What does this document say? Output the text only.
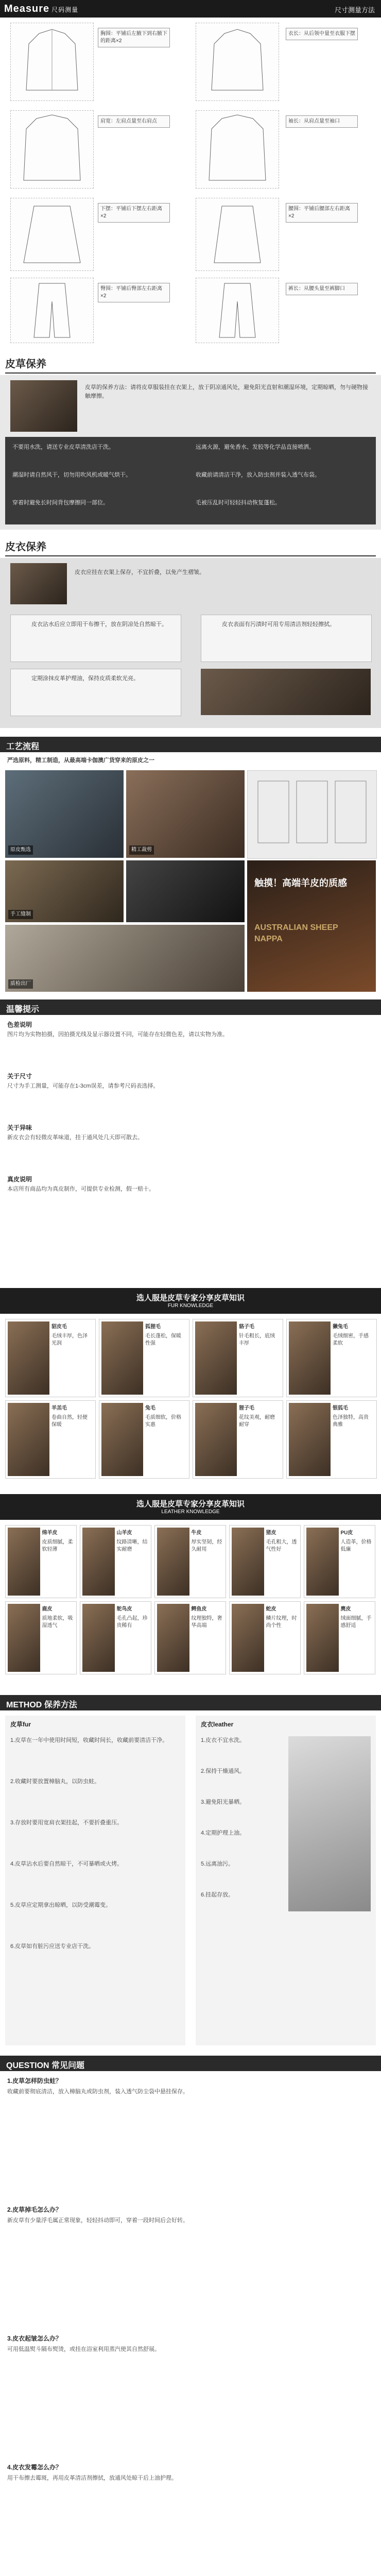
Measure 尺码测量	尺寸测量方法
胸围：平铺后左腋下到右腋下的距离×2
衣长：从后领中量至衣服下摆
肩宽：左肩点量至右肩点	袖长：从肩点量至袖口
下摆：平铺后下摆左右距离×2
腰围：平铺后腰部左右距离×2
臀围：平铺后臀部左右距离×2
裤长：从腰头量至裤脚口
皮草保养
皮草的保养方法：请将皮草服装挂在衣架上，放于阴凉通风处，避免阳光直射和潮湿环境，定期晾晒，勿与硬物接触摩擦。
不要用水洗，请送专业皮草清洗店干洗。	远离火源，避免香水、发胶等化学品直接喷洒。
潮湿时请自然风干，切勿用吹风机或暖气烘干。	收藏前请清洁干净，放入防虫剂并装入透气布袋。
穿着时避免长时间背包摩擦同一部位。	毛被压乱时可轻轻抖动恢复蓬松。
皮衣保养
皮衣应挂在衣架上保存，不宜折叠，以免产生褶皱。
皮衣沾水后应立即用干布擦干，放在阴凉处自然晾干。	皮衣表面有污渍时可用专用清洁剂轻轻擦拭。
定期涂抹皮革护理油，保持皮质柔软光亮。
工艺流程
严选原料，精工制造，从最高端卡伽澳广货穿来的原皮之一
原皮甄选	精工裁剪
手工缝制
触摸！高端羊皮的质感
AUSTRALIAN SHEEP NAPPA
质检出厂
温馨提示
色差说明
图片均为实物拍摄，因拍摄光线及显示器设置不同，可能存在轻微色差，请以实物为准。
关于尺寸
尺寸为手工测量，可能存在1-3cm误差，请参考尺码表选择。
关于异味
新皮衣会有轻微皮革味道，挂于通风处几天即可散去。
真皮说明
本店所有商品均为真皮制作，可提供专业检测，假一赔十。
选人服是皮草专家分享皮草知识
FUR KNOWLEDGE
貂皮毛
毛绒丰厚，色泽光润
狐狸毛
毛长蓬松，保暖性强
貉子毛
针毛粗长，底绒丰厚
獭兔毛
毛绒细密，手感柔软
羊羔毛
卷曲自然，轻便保暖
兔毛
毛质细软，价格实惠
狸子毛
花纹美观，耐磨耐穿
银狐毛
色泽独特，高贵典雅
选人服是皮草专家分享皮革知识
LEATHER KNOWLEDGE
绵羊皮
皮质细腻，柔软轻薄
山羊皮
纹路清晰，结实耐磨
牛皮
厚实坚韧，经久耐用
猪皮
毛孔粗大，透气性好
PU皮
人造革，价格低廉
鹿皮
质地柔软，吸湿透气
鸵鸟皮
毛孔凸起，珍贵稀有
鳄鱼皮
纹理独特，奢华高端
蛇皮
鳞片纹理，时尚个性
麂皮
绒面细腻，手感舒适
METHOD 保养方法
皮草fur
1.皮草在一年中使用时间短，收藏时间长，收藏前要清洁干净。
2.收藏时要放置樟脑丸，以防虫蛀。
3.存放时要用宽肩衣架挂起，不要折叠重压。
4.皮草沾水后要自然晾干，不可暴晒或火烤。
5.皮草应定期拿出晾晒，以防受潮霉变。
6.皮草如有脏污应送专业店干洗。
皮衣leather
1.皮衣不宜水洗。
2.保持干燥通风。
3.避免阳光暴晒。
4.定期护理上油。
5.远离油污。
6.挂起存放。
QUESTION 常见问题
1.皮草怎样防虫蛀？
收藏前要彻底清洁，放入樟脑丸或防虫剂，装入透气防尘袋中悬挂保存。
2.皮草掉毛怎么办？
新皮草有少量浮毛属正常现象，轻轻抖动即可，穿着一段时间后会好转。
3.皮衣起皱怎么办？
可用低温熨斗隔布熨烫，或挂在浴室利用蒸汽使其自然舒展。
4.皮衣发霉怎么办？
用干布擦去霉斑，再用皮革清洁剂擦拭，放通风处晾干后上油护理。
